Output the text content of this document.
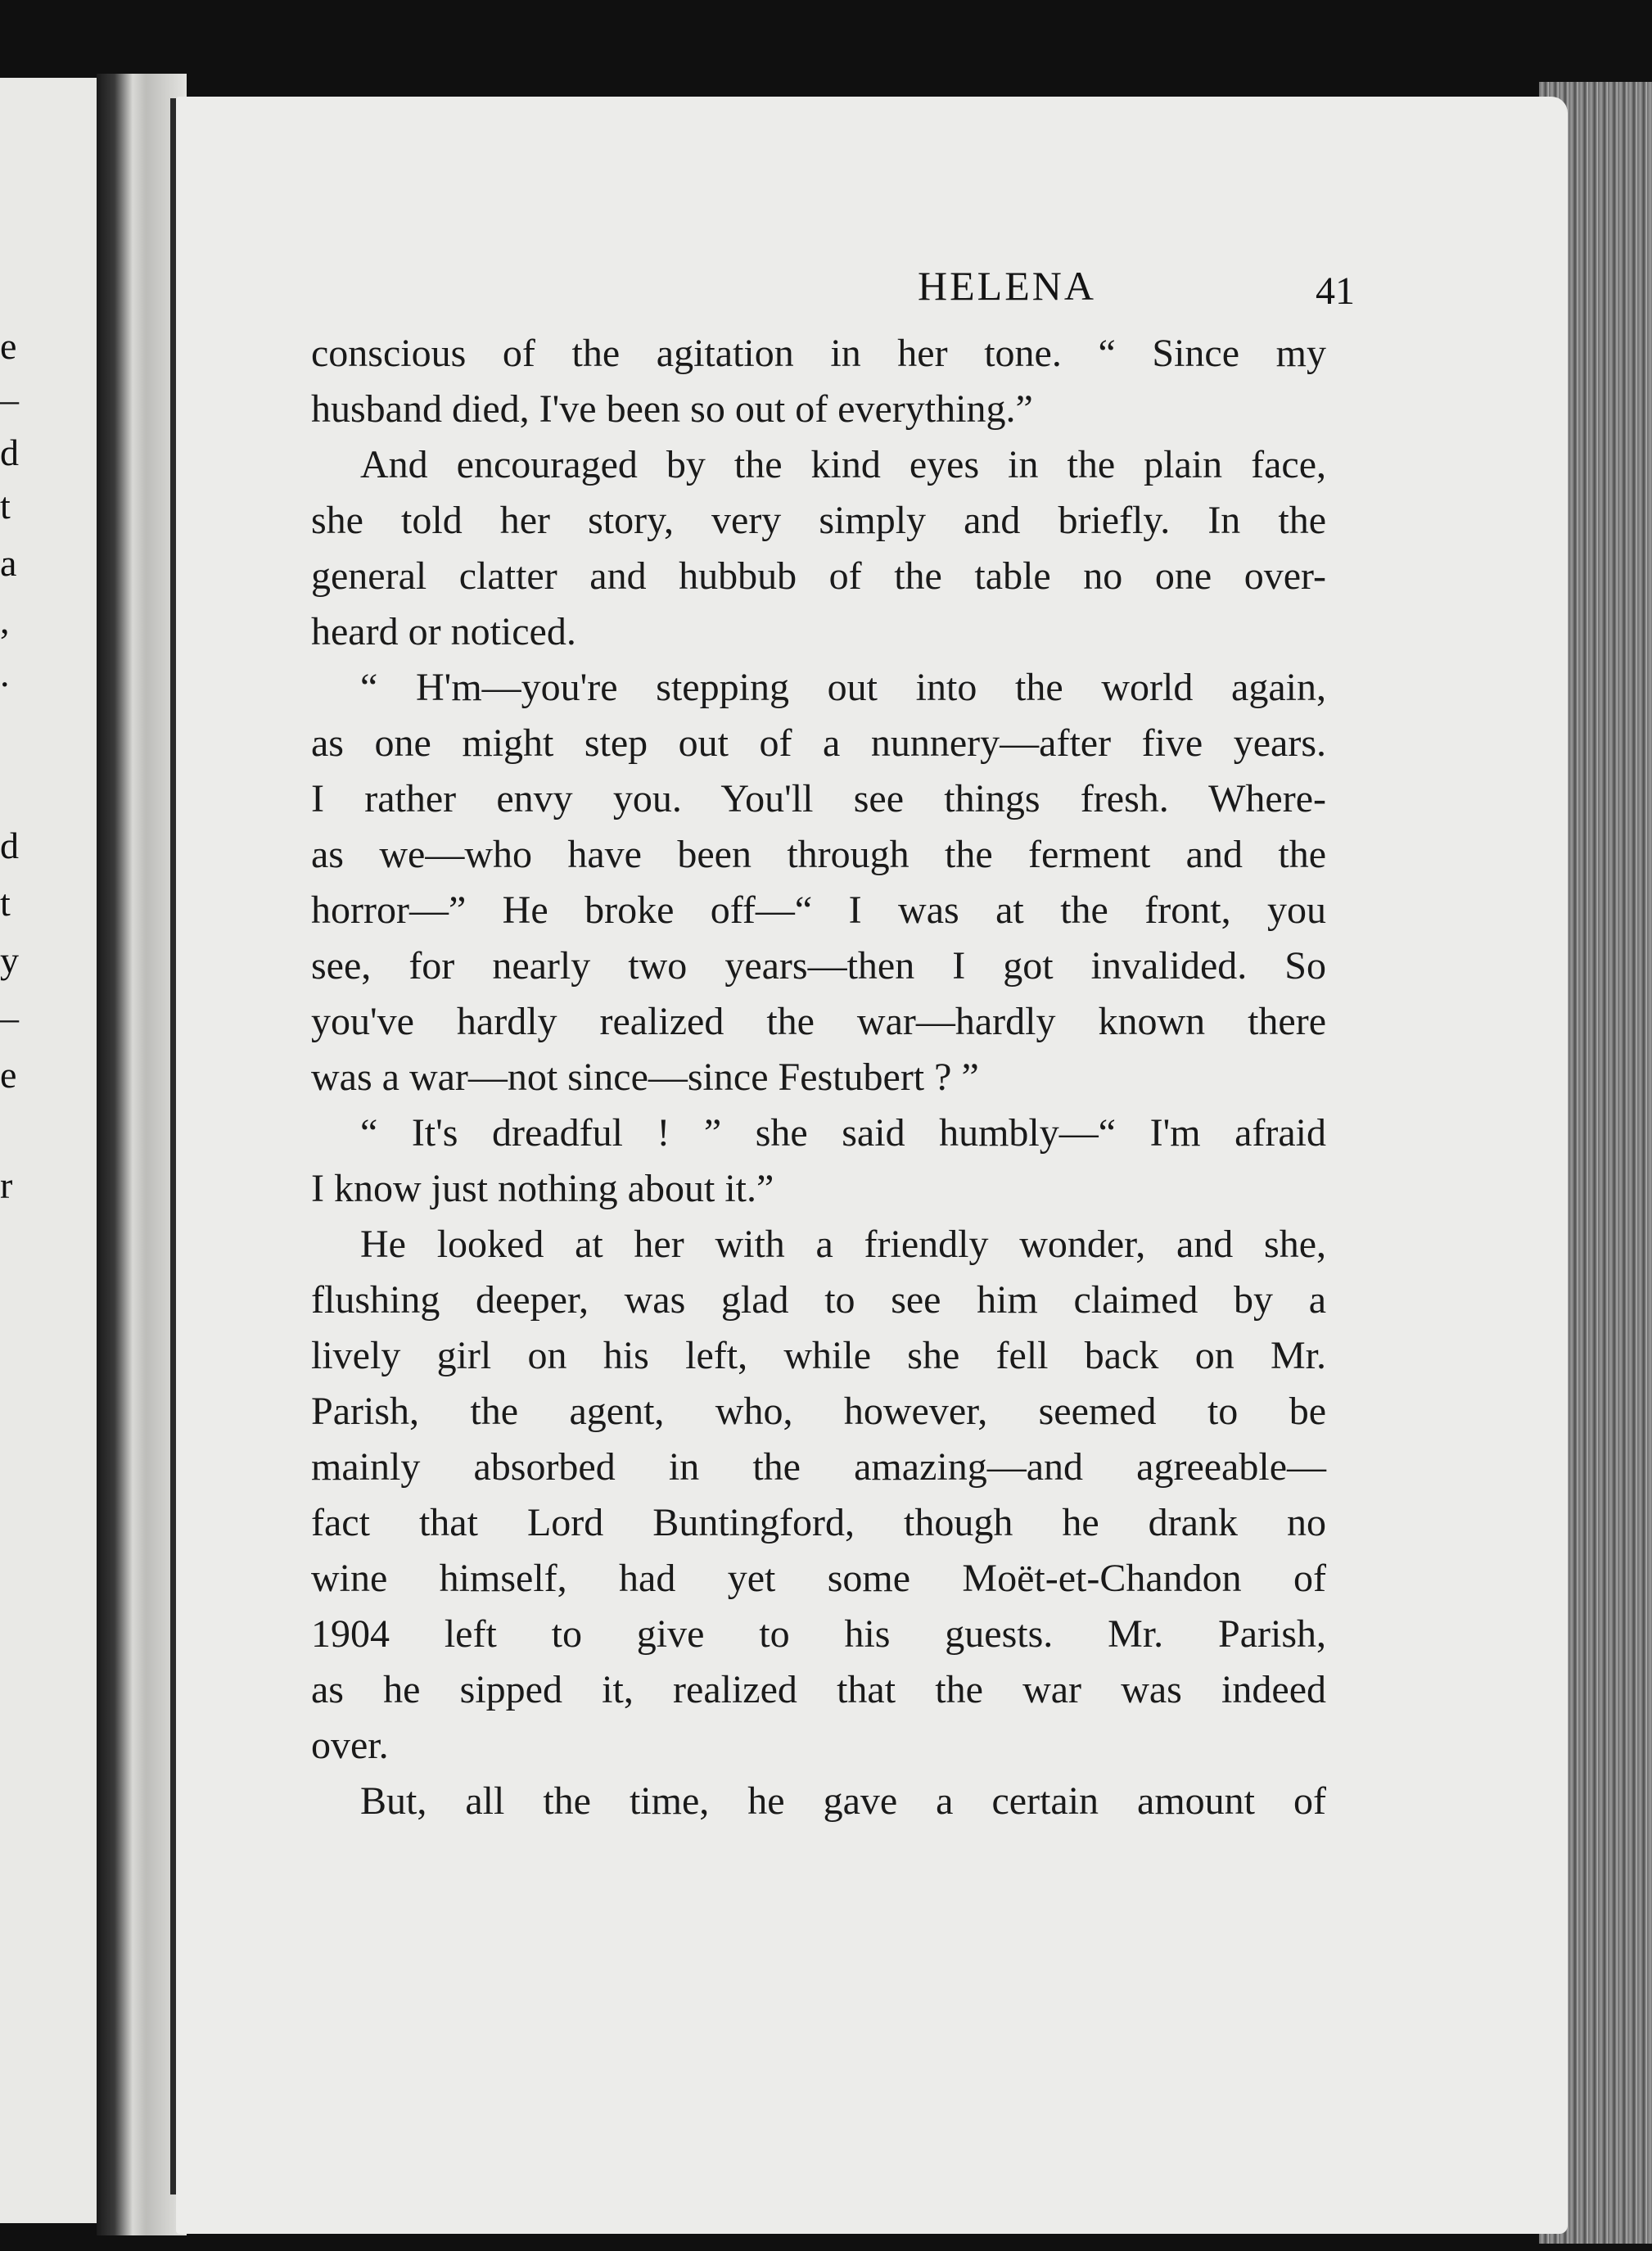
e
–
d
t
a
,
.
d
t
y
–
e
r
HELENA	41
conscious of the agitation in her tone. “ Since my
husband died, I've been so out of everything.”
And encouraged by the kind eyes in the plain face,
she told her story, very simply and briefly. In the
general clatter and hubbub of the table no one over-
heard or noticed.
“ H'm—you're stepping out into the world again,
as one might step out of a nunnery—after five years.
I rather envy you. You'll see things fresh. Where-
as we—who have been through the ferment and the
horror—” He broke off—“ I was at the front, you
see, for nearly two years—then I got invalided. So
you've hardly realized the war—hardly known there
was a war—not since—since Festubert ? ”
“ It's dreadful ! ” she said humbly—“ I'm afraid
I know just nothing about it.”
He looked at her with a friendly wonder, and she,
flushing deeper, was glad to see him claimed by a
lively girl on his left, while she fell back on Mr.
Parish, the agent, who, however, seemed to be
mainly absorbed in the amazing—and agreeable—
fact that Lord Buntingford, though he drank no
wine himself, had yet some Moët-et-Chandon of
1904 left to give to his guests. Mr. Parish,
as he sipped it, realized that the war was indeed
over.
But, all the time, he gave a certain amount of
